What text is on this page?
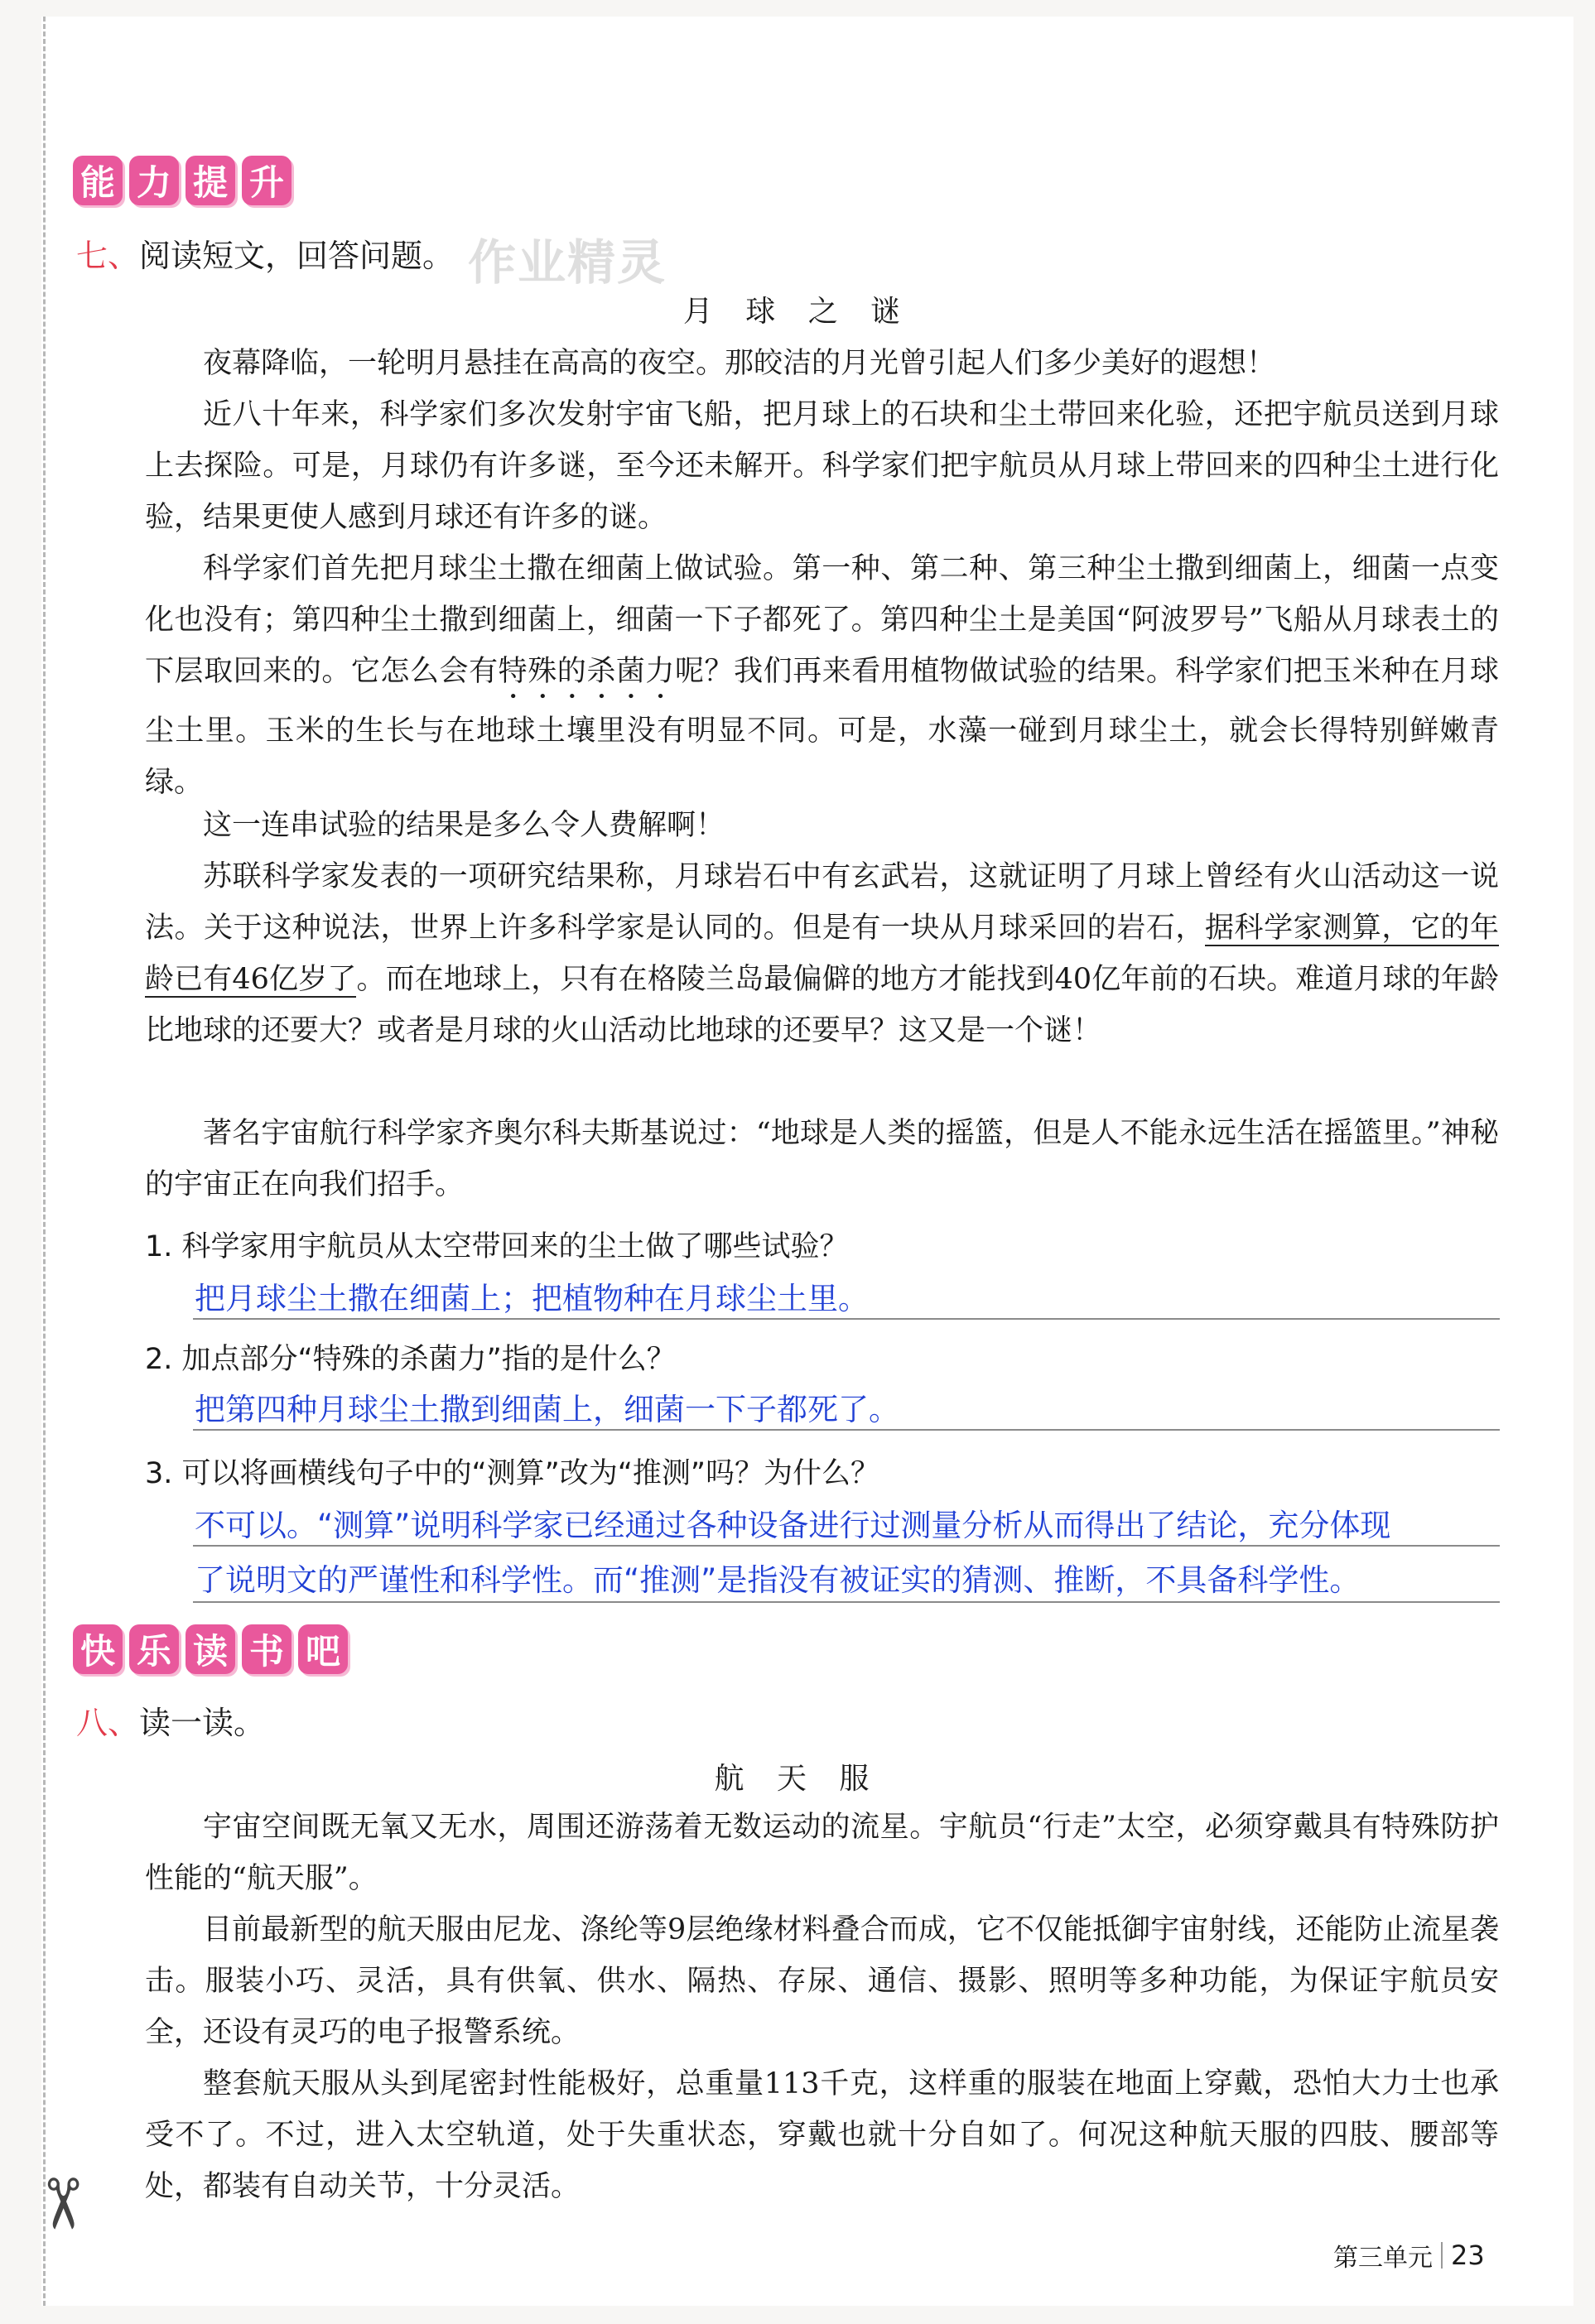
✂
能 力 提 升
七、阅读短文，回答问题。 作业精灵
月 球 之 谜

夜幕降临，一轮明月悬挂在高高的夜空。那皎洁的月光曾引起人们多少美好的遐想！

近八十年来，科学家们多次发射宇宙飞船，把月球上的石块和尘土带回来化验，还把宇航员送到月球上去探险。可是，月球仍有许多谜，至今还未解开。科学家们把宇航员从月球上带回来的四种尘土进行化验，结果更使人感到月球还有许多的谜。

科学家们首先把月球尘土撒在细菌上做试验。第一种、第二种、第三种尘土撒到细菌上，细菌一点变化也没有；第四种尘土撒到细菌上，细菌一下子都死了。第四种尘土是美国“阿波罗号”飞船从月球表土的下层取回来的。它怎么会有特殊的杀菌力呢？我们再来看用植物做试验的结果。科学家们把玉米种在月球尘土里。玉米的生长与在地球土壤里没有明显不同。可是，水藻一碰到月球尘土，就会长得特别鲜嫩青绿。

这一连串试验的结果是多么令人费解啊！

苏联科学家发表的一项研究结果称，月球岩石中有玄武岩，这就证明了月球上曾经有火山活动这一说法。关于这种说法，世界上许多科学家是认同的。但是有一块从月球采回的岩石，据科学家测算，它的年龄已有46亿岁了。而在地球上，只有在格陵兰岛最偏僻的地方才能找到40亿年前的石块。难道月球的年龄比地球的还要大？或者是月球的火山活动比地球的还要早？这又是一个谜！

著名宇宙航行科学家齐奥尔科夫斯基说过：“地球是人类的摇篮，但是人不能永远生活在摇篮里。”神秘的宇宙正在向我们招手。

1. 科学家用宇航员从太空带回来的尘土做了哪些试验？
把月球尘土撒在细菌上；把植物种在月球尘土里。
2. 加点部分“特殊的杀菌力”指的是什么？
把第四种月球尘土撒到细菌上，细菌一下子都死了。
3. 可以将画横线句子中的“测算”改为“推测”吗？为什么？
不可以。“测算”说明科学家已经通过各种设备进行过测量分析从而得出了结论，充分体现
了说明文的严谨性和科学性。而“推测”是指没有被证实的猜测、推断，不具备科学性。
快 乐 读 书 吧
八、读一读。
航 天 服

宇宙空间既无氧又无水，周围还游荡着无数运动的流星。宇航员“行走”太空，必须穿戴具有特殊防护性能的“航天服”。

目前最新型的航天服由尼龙、涤纶等9层绝缘材料叠合而成，它不仅能抵御宇宙射线，还能防止流星袭击。服装小巧、灵活，具有供氧、供水、隔热、存尿、通信、摄影、照明等多种功能，为保证宇航员安全，还设有灵巧的电子报警系统。

整套航天服从头到尾密封性能极好，总重量113千克，这样重的服装在地面上穿戴，恐怕大力士也承受不了。不过，进入太空轨道，处于失重状态，穿戴也就十分自如了。何况这种航天服的四肢、腰部等处，都装有自动关节，十分灵活。

第三单元 23
